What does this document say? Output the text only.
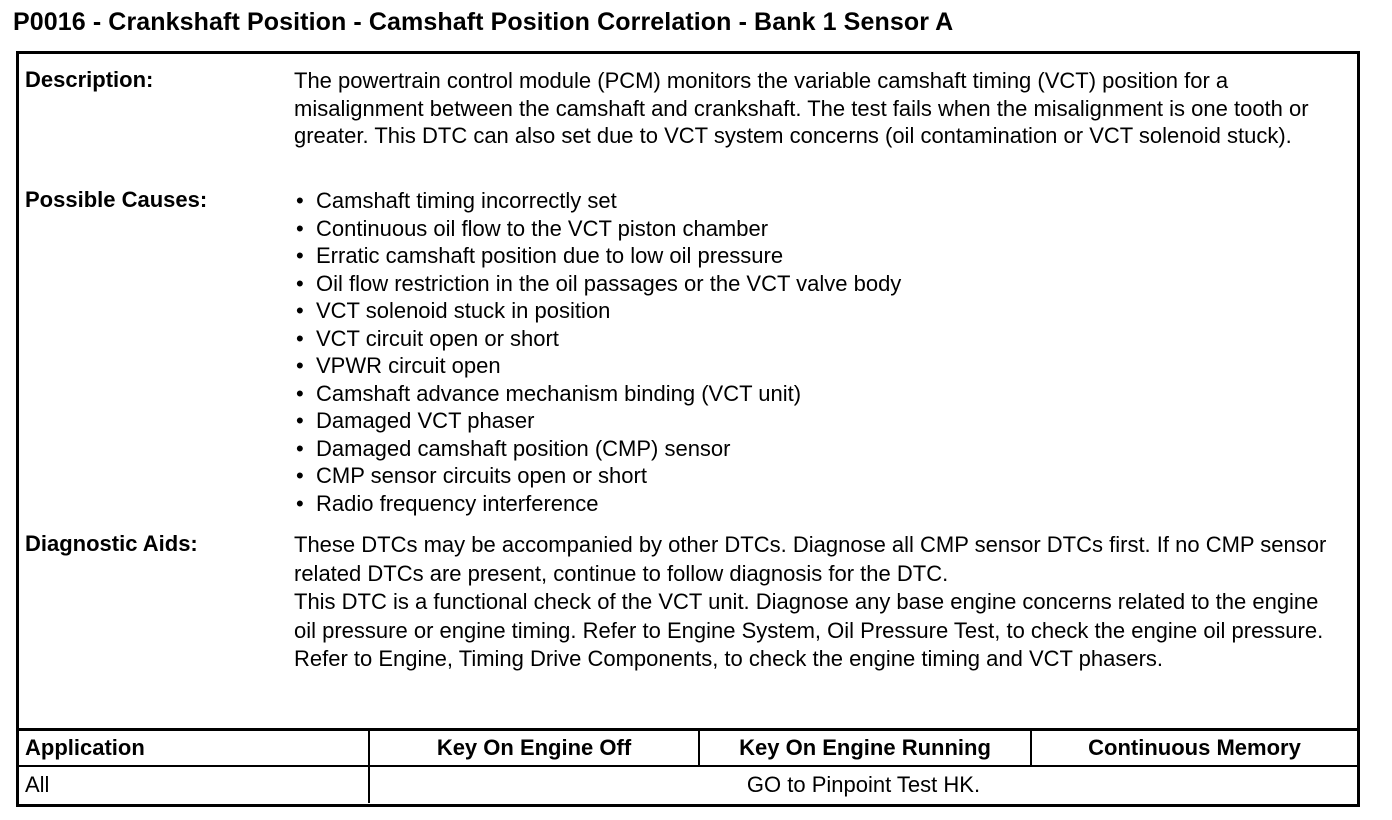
P0016 - Crankshaft Position - Camshaft Position Correlation - Bank 1 Sensor A
Description:	The powertrain control module (PCM) monitors the variable camshaft timing (VCT) position for a misalignment between the camshaft and crankshaft. The test fails when the misalignment is one tooth or greater. This DTC can also set due to VCT system concerns (oil contamination or VCT solenoid stuck).

Possible Causes:	• Camshaft timing incorrectly set
• Continuous oil flow to the VCT piston chamber
• Erratic camshaft position due to low oil pressure
• Oil flow restriction in the oil passages or the VCT valve body
• VCT solenoid stuck in position
• VCT circuit open or short
• VPWR circuit open
• Camshaft advance mechanism binding (VCT unit)
• Damaged VCT phaser
• Damaged camshaft position (CMP) sensor
• CMP sensor circuits open or short
• Radio frequency interference
Diagnostic Aids:	These DTCs may be accompanied by other DTCs. Diagnose all CMP sensor DTCs first. If no CMP sensor related DTCs are present, continue to follow diagnosis for the DTC.

This DTC is a functional check of the VCT unit. Diagnose any base engine concerns related to the engine oil pressure or engine timing. Refer to Engine System, Oil Pressure Test, to check the engine oil pressure. Refer to Engine, Timing Drive Components, to check the engine timing and VCT phasers.

Application	Key On Engine Off	Key On Engine Running	Continuous Memory
All	GO to Pinpoint Test HK.		
